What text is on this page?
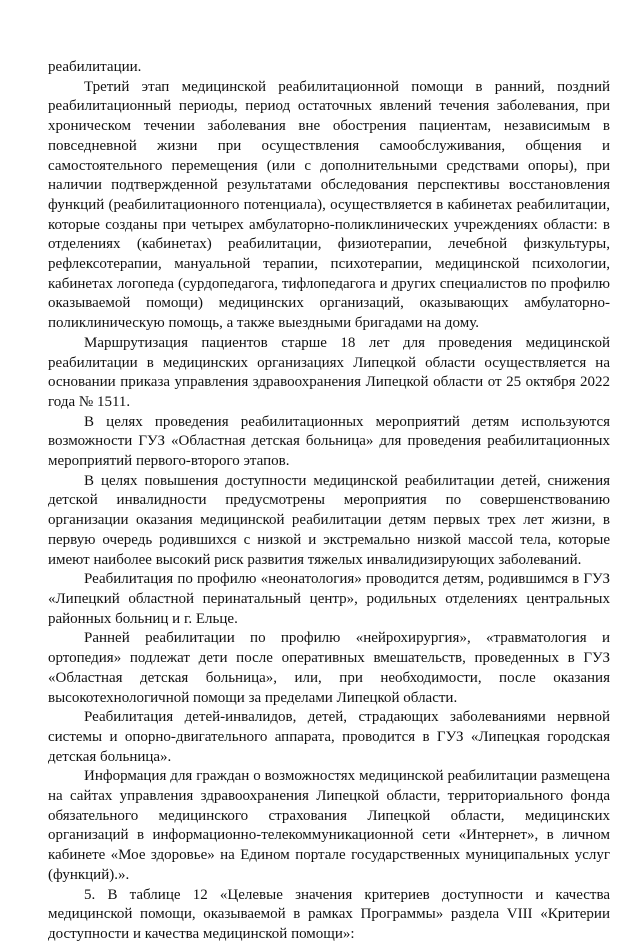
реабилитации.

Третий этап медицинской реабилитационной помощи в ранний, поздний реабилитационный периоды, период остаточных явлений течения заболевания, при хроническом течении заболевания вне обострения пациентам, независимым в повседневной жизни при осуществления самообслуживания, общения и самостоятельного перемещения (или с дополнительными средствами опоры), при наличии подтвержденной результатами обследования перспективы восстановления функций (реабилитационного потенциала), осуществляется в кабинетах реабилитации, которые созданы при четырех амбулаторно-поликлинических учреждениях области: в отделениях (кабинетах) реабилитации, физиотерапии, лечебной физкультуры, рефлексотерапии, мануальной терапии, психотерапии, медицинской психологии, кабинетах логопеда (сурдопедагога, тифлопедагога и других специалистов по профилю оказываемой помощи) медицинских организаций, оказывающих амбулаторно-поликлиническую помощь, а также выездными бригадами на дому.

Маршрутизация пациентов старше 18 лет для проведения медицинской реабилитации в медицинских организациях Липецкой области осуществляется на основании приказа управления здравоохранения Липецкой области от 25 октября 2022 года № 1511.

В целях проведения реабилитационных мероприятий детям используются возможности ГУЗ «Областная детская больница» для проведения реабилитационных мероприятий первого-второго этапов.

В целях повышения доступности медицинской реабилитации детей, снижения детской инвалидности предусмотрены мероприятия по совершенствованию организации оказания медицинской реабилитации детям первых трех лет жизни, в первую очередь родившихся с низкой и экстремально низкой массой тела, которые имеют наиболее высокий риск развития тяжелых инвалидизирующих заболеваний.

Реабилитация по профилю «неонатология» проводится детям, родившимся в ГУЗ «Липецкий областной перинатальный центр», родильных отделениях центральных районных больниц и г. Ельце.

Ранней реабилитации по профилю «нейрохирургия», «травматология и ортопедия» подлежат дети после оперативных вмешательств, проведенных в ГУЗ «Областная детская больница», или, при необходимости, после оказания высокотехнологичной помощи за пределами Липецкой области.

Реабилитация детей-инвалидов, детей, страдающих заболеваниями нервной системы и опорно-двигательного аппарата, проводится в ГУЗ «Липецкая городская детская больница».

Информация для граждан о возможностях медицинской реабилитации размещена на сайтах управления здравоохранения Липецкой области, территориального фонда обязательного медицинского страхования Липецкой области, медицинских организаций в информационно-телекоммуникационной сети «Интернет», в личном кабинете «Мое здоровье» на Едином портале государственных муниципальных услуг (функций).».

5. В таблице 12 «Целевые значения критериев доступности и качества медицинской помощи, оказываемой в рамках Программы» раздела VIII «Критерии доступности и качества медицинской помощи»:
